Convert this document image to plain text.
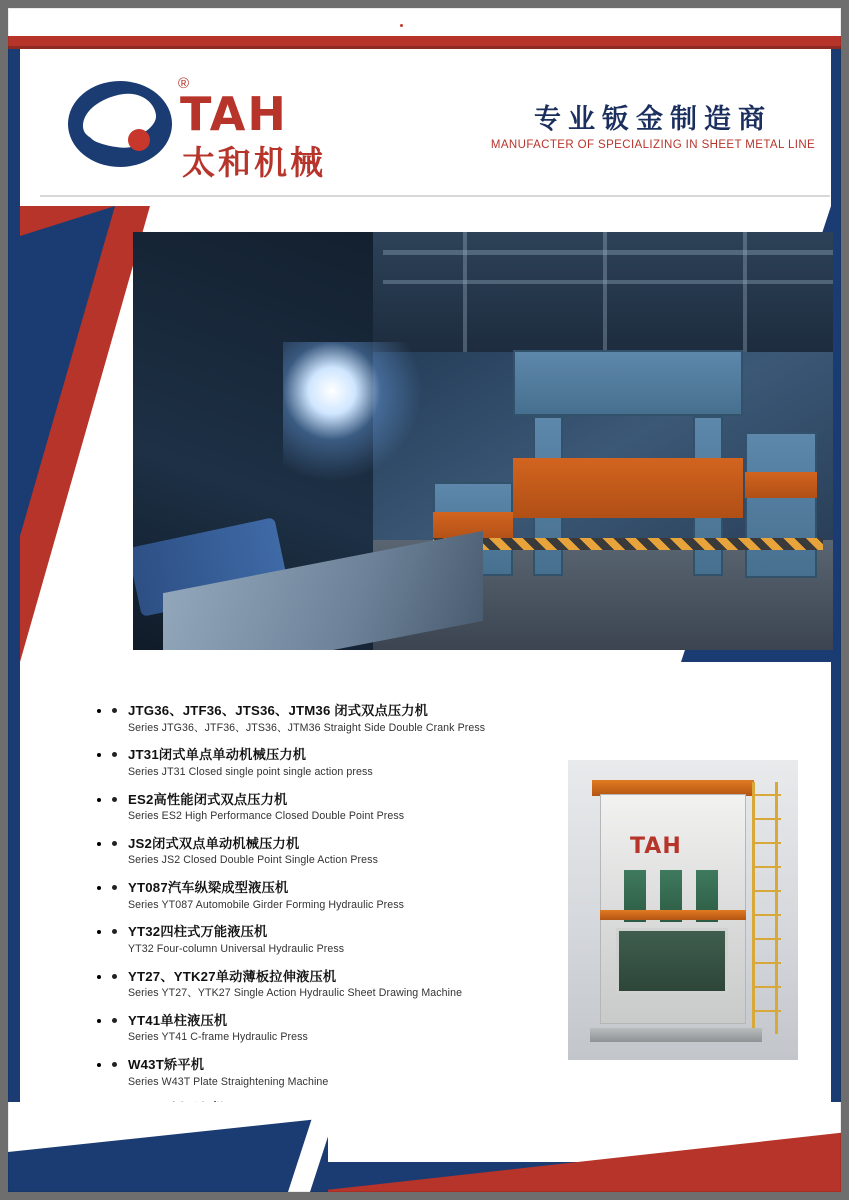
®
TAH
太和机械
专业钣金制造商
MANUFACTER OF SPECIALIZING IN SHEET METAL LINE
• JTG36、JTF36、JTS36、JTM36 闭式双点压力机
Series JTG36、JTF36、JTS36、JTM36 Straight Side Double Crank Press
• JT31闭式单点单动机械压力机
Series JT31 Closed single point single action press
• ES2高性能闭式双点压力机
Series ES2 High Performance Closed Double Point Press
• JS2闭式双点单动机械压力机
Series JS2 Closed Double Point Single Action Press
• YT087汽车纵梁成型液压机
Series YT087 Automobile Girder Forming Hydraulic Press
• YT32四柱式万能液压机
YT32 Four-column Universal Hydraulic Press
• YT27、YTK27单动薄板拉伸液压机
Series YT27、YTK27 Single Action Hydraulic Sheet Drawing Machine
• YT41单柱液压机
Series YT41 C-frame Hydraulic Press
• W43T矫平机
Series W43T Plate Straightening Machine
•
•
TAH
